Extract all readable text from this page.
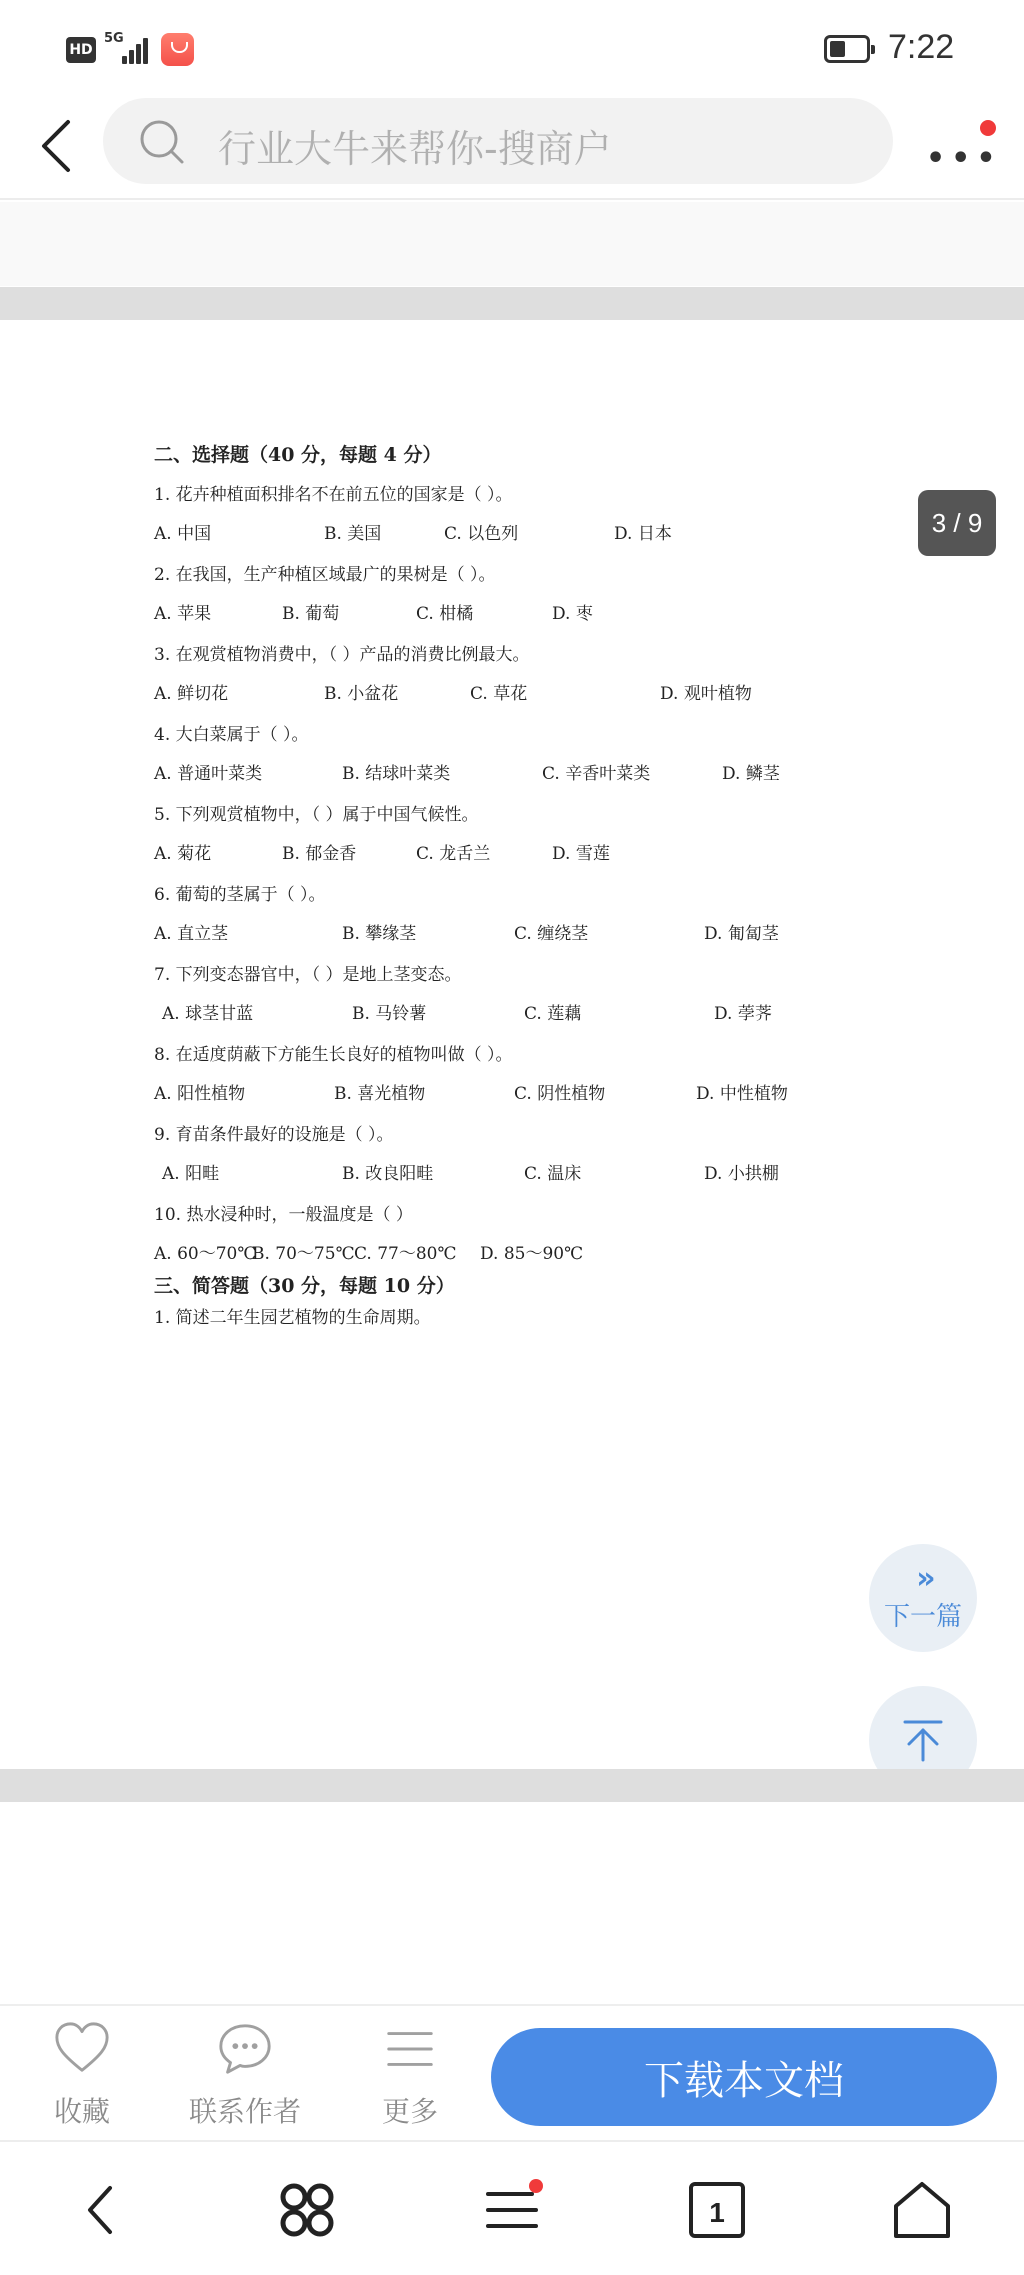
HD
5G	7:22
行业大牛来帮你-搜商户	•••
二、选择题（40 分，每题 4 分）
1. 花卉种植面积排名不在前五位的国家是（ ）。
A. 中国	B. 美国	C. 以色列	D. 日本
2. 在我国，生产种植区域最广的果树是（ ）。
A. 苹果	B. 葡萄	C. 柑橘	D. 枣
3. 在观赏植物消费中，（ ）产品的消费比例最大。
A. 鲜切花	B. 小盆花	C. 草花	D. 观叶植物
4. 大白菜属于（ ）。
A. 普通叶菜类	B. 结球叶菜类	C. 辛香叶菜类	D. 鳞茎
5. 下列观赏植物中，（ ）属于中国气候性。
A. 菊花	B. 郁金香	C. 龙舌兰	D. 雪莲
6. 葡萄的茎属于（ ）。
A. 直立茎	B. 攀缘茎	C. 缠绕茎	D. 匍匐茎
7. 下列变态器官中，（ ）是地上茎变态。
A. 球茎甘蓝	B. 马铃薯	C. 莲藕	D. 荸荠
8. 在适度荫蔽下方能生长良好的植物叫做（ ）。
A. 阳性植物	B. 喜光植物	C. 阴性植物	D. 中性植物
9. 育苗条件最好的设施是（ ）。
A. 阳畦	B. 改良阳畦	C. 温床	D. 小拱棚
10. 热水浸种时，一般温度是（ ）
A. 60～70℃
B. 70～75℃ C. 77～80℃ D. 85～90℃
三、简答题（30 分，每题 10 分）
1. 简述二年生园艺植物的生命周期。
3 / 9
»
下一篇
收藏	联系作者	更多
下载本文档
1
